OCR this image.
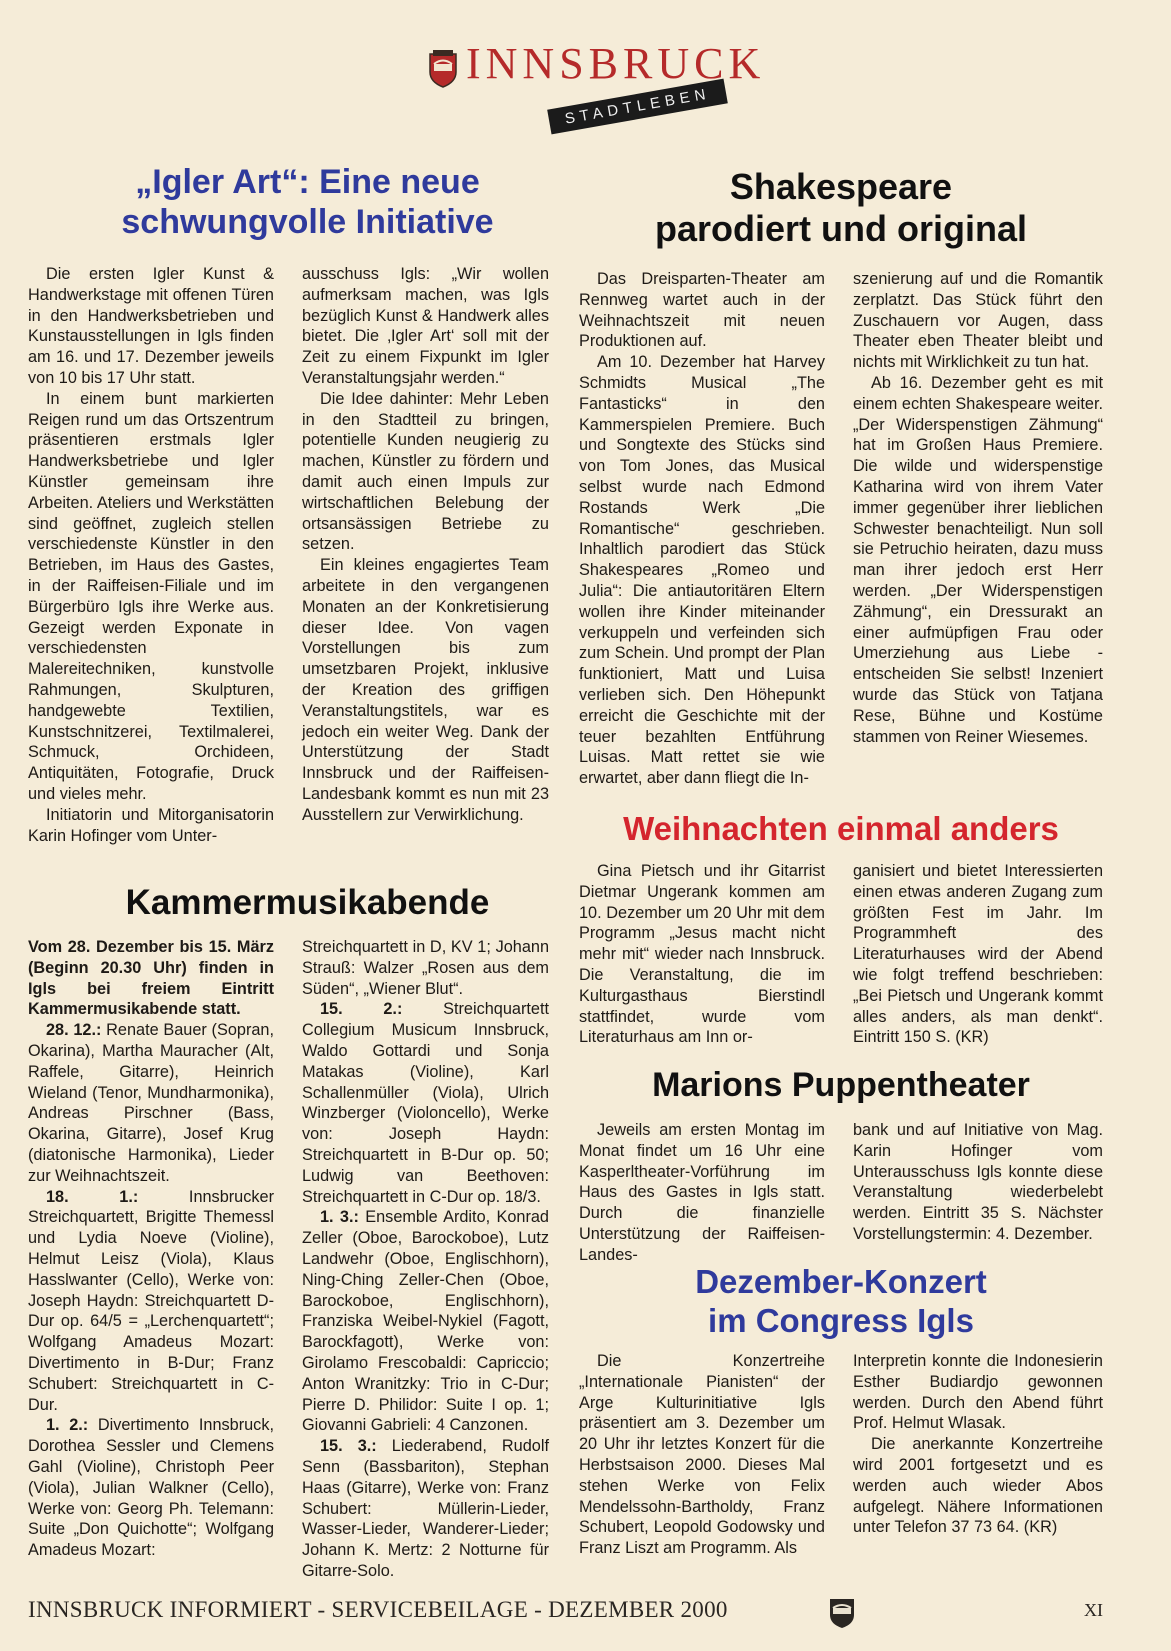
INNSBRUCK
STADTLEBEN
„Igler Art“: Eine neue
schwungvolle Initiative
Shakespeare
parodiert und original
Weihnachten einmal anders
Kammermusikabende
Marions Puppentheater
Dezember-Konzert
im Congress Igls

Die ersten Igler Kunst & Handwerkstage mit offenen Türen in den Handwerksbetrieben und Kunstausstellungen in Igls finden am 16. und 17. Dezember jeweils von 10 bis 17 Uhr statt.

In einem bunt markierten Reigen rund um das Ortszentrum präsentieren erstmals Igler Handwerksbetriebe und Igler Künstler gemeinsam ihre Arbeiten. Ateliers und Werkstätten sind geöffnet, zugleich stellen verschiedenste Künstler in den Betrieben, im Haus des Gastes, in der Raiffeisen-Filiale und im Bürgerbüro Igls ihre Werke aus. Gezeigt werden Exponate in verschiedensten Malereitechniken, kunstvolle Rahmungen, Skulpturen, handgewebte Textilien, Kunstschnitzerei, Textilmalerei, Schmuck, Orchideen, Antiquitäten, Fotografie, Druck und vieles mehr.

Initiatorin und Mitorganisatorin Karin Hofinger vom Unter-

ausschuss Igls: „Wir wollen aufmerksam machen, was Igls bezüglich Kunst & Handwerk alles bietet. Die ‚Igler Art‘ soll mit der Zeit zu einem Fixpunkt im Igler Veranstaltungsjahr werden.“

Die Idee dahinter: Mehr Leben in den Stadtteil zu bringen, potentielle Kunden neugierig zu machen, Künstler zu fördern und damit auch einen Impuls zur wirtschaftlichen Belebung der ortsansässigen Betriebe zu setzen.

Ein kleines engagiertes Team arbeitete in den vergangenen Monaten an der Konkretisierung dieser Idee. Von vagen Vorstellungen bis zum umsetzbaren Projekt, inklusive der Kreation des griffigen Veranstaltungstitels, war es jedoch ein weiter Weg. Dank der Unterstützung der Stadt Innsbruck und der Raiffeisen-Landesbank kommt es nun mit 23 Ausstellern zur Verwirklichung.

Das Dreisparten-Theater am Rennweg wartet auch in der Weihnachtszeit mit neuen Produktionen auf.

Am 10. Dezember hat Harvey Schmidts Musical „The Fantasticks“ in den Kammerspielen Premiere. Buch und Songtexte des Stücks sind von Tom Jones, das Musical selbst wurde nach Edmond Rostands Werk „Die Romantische“ geschrieben. Inhaltlich parodiert das Stück Shakespeares „Romeo und Julia“: Die antiautoritären Eltern wollen ihre Kinder miteinander verkuppeln und verfeinden sich zum Schein. Und prompt der Plan funktioniert, Matt und Luisa verlieben sich. Den Höhepunkt erreicht die Geschichte mit der teuer bezahlten Entführung Luisas. Matt rettet sie wie erwartet, aber dann fliegt die In-

szenierung auf und die Romantik zerplatzt. Das Stück führt den Zuschauern vor Augen, dass Theater eben Theater bleibt und nichts mit Wirklichkeit zu tun hat.

Ab 16. Dezember geht es mit einem echten Shakespeare weiter. „Der Widerspenstigen Zähmung“ hat im Großen Haus Premiere. Die wilde und widerspenstige Katharina wird von ihrem Vater immer gegenüber ihrer lieblichen Schwester benachteiligt. Nun soll sie Petruchio heiraten, dazu muss man ihrer jedoch erst Herr werden. „Der Widerspenstigen Zähmung“, ein Dressurakt an einer aufmüpfigen Frau oder Umerziehung aus Liebe - entscheiden Sie selbst! Inzeniert wurde das Stück von Tatjana Rese, Bühne und Kostüme stammen von Reiner Wiesemes.

Gina Pietsch und ihr Gitarrist Dietmar Ungerank kommen am 10. Dezember um 20 Uhr mit dem Programm „Jesus macht nicht mehr mit“ wieder nach Innsbruck. Die Veranstaltung, die im Kulturgasthaus Bierstindl stattfindet, wurde vom Literaturhaus am Inn or-

ganisiert und bietet Interessierten einen etwas anderen Zugang zum größten Fest im Jahr. Im Programmheft des Literaturhauses wird der Abend wie folgt treffend beschrieben: „Bei Pietsch und Ungerank kommt alles anders, als man denkt“. Eintritt 150 S. (KR)

Vom 28. Dezember bis 15. März (Beginn 20.30 Uhr) finden in Igls bei freiem Eintritt Kammermusikabende statt.

28. 12.: Renate Bauer (Sopran, Okarina), Martha Mauracher (Alt, Raffele, Gitarre), Heinrich Wieland (Tenor, Mundharmonika), Andreas Pirschner (Bass, Okarina, Gitarre), Josef Krug (diatonische Harmonika), Lieder zur Weihnachtszeit.

18. 1.: Innsbrucker Streichquartett, Brigitte Themessl und Lydia Noeve (Violine), Helmut Leisz (Viola), Klaus Hasslwanter (Cello), Werke von: Joseph Haydn: Streichquartett D-Dur op. 64/5 = „Lerchenquartett“; Wolfgang Amadeus Mozart: Divertimento in B-Dur; Franz Schubert: Streichquartett in C-Dur.

1. 2.: Divertimento Innsbruck, Dorothea Sessler und Clemens Gahl (Violine), Christoph Peer (Viola), Julian Walkner (Cello), Werke von: Georg Ph. Telemann: Suite „Don Quichotte“; Wolfgang Amadeus Mozart:

Streichquartett in D, KV 1; Johann Strauß: Walzer „Rosen aus dem Süden“, „Wiener Blut“.

15. 2.: Streichquartett Collegium Musicum Innsbruck, Waldo Gottardi und Sonja Matakas (Violine), Karl Schallenmüller (Viola), Ulrich Winzberger (Violoncello), Werke von: Joseph Haydn: Streichquartett in B-Dur op. 50; Ludwig van Beethoven: Streichquartett in C-Dur op. 18/3.

1. 3.: Ensemble Ardito, Konrad Zeller (Oboe, Barockoboe), Lutz Landwehr (Oboe, Englischhorn), Ning-Ching Zeller-Chen (Oboe, Barockoboe, Englischhorn), Franziska Weibel-Nykiel (Fagott, Barockfagott), Werke von: Girolamo Frescobaldi: Capriccio; Anton Wranitzky: Trio in C-Dur; Pierre D. Philidor: Suite I op. 1; Giovanni Gabrieli: 4 Canzonen.

15. 3.: Liederabend, Rudolf Senn (Bassbariton), Stephan Haas (Gitarre), Werke von: Franz Schubert: Müllerin-Lieder, Wasser-Lieder, Wanderer-Lieder; Johann K. Mertz: 2 Notturne für Gitarre-Solo.

Jeweils am ersten Montag im Monat findet um 16 Uhr eine Kasperltheater-Vorführung im Haus des Gastes in Igls statt. Durch die finanzielle Unterstützung der Raiffeisen-Landes-

bank und auf Initiative von Mag. Karin Hofinger vom Unterausschuss Igls konnte diese Veranstaltung wiederbelebt werden. Eintritt 35 S. Nächster Vorstellungstermin: 4. Dezember.

Die Konzertreihe „Internationale Pianisten“ der Arge Kulturinitiative Igls präsentiert am 3. Dezember um 20 Uhr ihr letztes Konzert für die Herbstsaison 2000. Dieses Mal stehen Werke von Felix Mendelssohn-Bartholdy, Franz Schubert, Leopold Godowsky und Franz Liszt am Programm. Als

Interpretin konnte die Indonesierin Esther Budiardjo gewonnen werden. Durch den Abend führt Prof. Helmut Wlasak.

Die anerkannte Konzertreihe wird 2001 fortgesetzt und es werden auch wieder Abos aufgelegt. Nähere Informationen unter Telefon 37 73 64. (KR)

INNSBRUCK INFORMIERT - SERVICEBEILAGE - DEZEMBER 2000	XI
